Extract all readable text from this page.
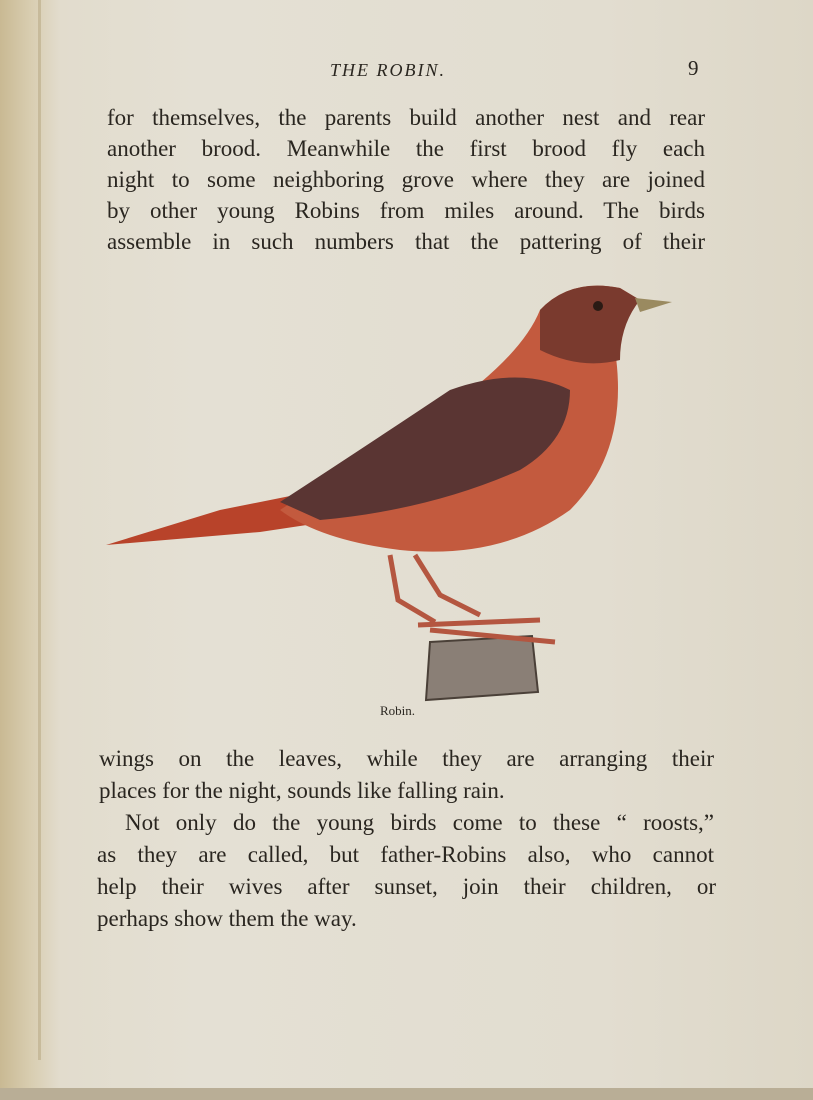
THE ROBIN.	9
for themselves, the parents build another nest and rear
another brood. Meanwhile the first brood fly each
night to some neighboring grove where they are joined
by other young Robins from miles around. The birds
assemble in such numbers that the pattering of their
Robin.
wings on the leaves, while they are arranging their
places for the night, sounds like falling rain.
Not only do the young birds come to these “ roosts,”
as they are called, but father-Robins also, who cannot
help their wives after sunset, join their children, or
perhaps show them the way.
